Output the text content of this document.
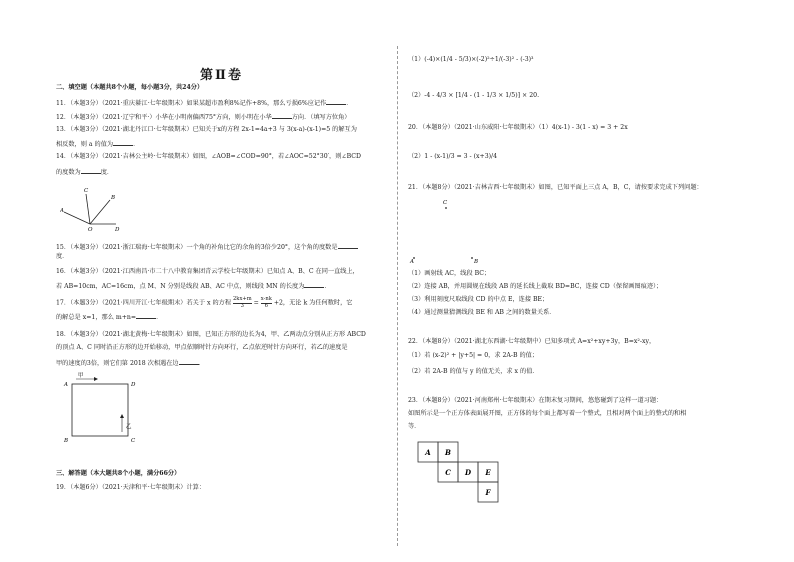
第Ⅱ卷
二、填空题（本题共8个小题，每小题3分，共24分）
11．（本题3分）（2021·重庆綦江·七年级期末）如果某超市盈利8%记作+8%，那么亏损6%应记作	．
12．（本题3分）（2021·辽宁和平·）小华在小明南偏西75°方向，则小明在小华	方向．（填写方位角）
13．（本题3分）（2021·湖北丹江口·七年级期末）已知关于x的方程 2x-1=4a+3 与 3(x-a)-(x-1)=5 的解互为
相反数，则 a 的值为	．
14．（本题3分）（2021·吉林公主岭·七年级期末）如图，∠AOB=∠COD=90°，若∠AOC=52°30′，则∠BCD
的度数为	度．
A
C
B
O	D
15．（本题3分）（2021·浙江瑞海·七年级期末）一个角的补角比它的余角的3倍少20°，这个角的度数是
度．
16．（本题3分）（2021·江西南昌·市二十八中教育集团青云学校七年级期末）已知点 A、B、C 在同一直线上，
若 AB=10cm，AC=16cm，点 M、N 分别是线段 AB、AC 中点，则线段 MN 的长度为	．
17．（本题3分）（2021·四川开江·七年级期末）若关于 x 的方程 $\frac{2kx+m}{3} = \frac{x-nk}{6} +2$，无论 k 为任何数时，它
的解总是 x=1，那么 m+n=	．
18．（本题3分）（2021·湖北黄梅·七年级期末）如图，已知正方形的边长为4，甲、乙两动点分别从正方形 ABCD
的顶点 A、C 同时沿正方形的边开始移动，甲点依顺时针方向环行，乙点依逆时针方向环行，若乙的速度是
甲的速度的3倍，则它们第 2018 次相遇在边	．
甲
乙
A	D
B	C
三、解答题（本大题共8个小题，满分66分）
19．（本题6分）（2021·天津和平·七年级期末）计算：
（1）(-4)×(1/4 - 5/3)×(-2)²÷1/(-3)² - (-3)³
（2）-4 - 4/3 × [1/4 - (1 - 1/3 × 1/5)] × 20.
20．（本题8分）（2021·山东威阳·七年级期末）（1）4(x-1) - 3(1 - x) = 3 + 2x
（2）1 - (x-1)/3 = 3 - (x+3)/4
21．（本题8分）（2021·吉林吉西·七年级期末）如图，已知平面上三点 A，B，C，请按要求完成下列问题：
C
A	B
（1）画射线 AC，线段 BC；
（2）连接 AB，并用圆规在线段 AB 的延长线上截取 BD=BC，连接 CD（保留画图痕迹）；
（3）利用刻度尺取线段 CD 的中点 E，连接 BE；
（4）通过测量猜测线段 BE 和 AB 之间的数量关系．
22．（本题8分）（2021·湖北东西湖·七年级期中）已知多项式 A=x²+xy+3y，B=x²-xy，
（1）若 (x-2)² + |y+5| = 0，求 2A-B 的值；
（2）若 2A-B 的值与 y 的值无关，求 x 的值．
23．（本题8分）（2021·河南郑州·七年级期末）在期末复习期间，悠悠碰到了这样一道习题：
如图所示是一个正方体表面展开图，正方体的每个面上都写着一个整式，且相对两个面上的整式的和相
等．
A B
C D E
F
